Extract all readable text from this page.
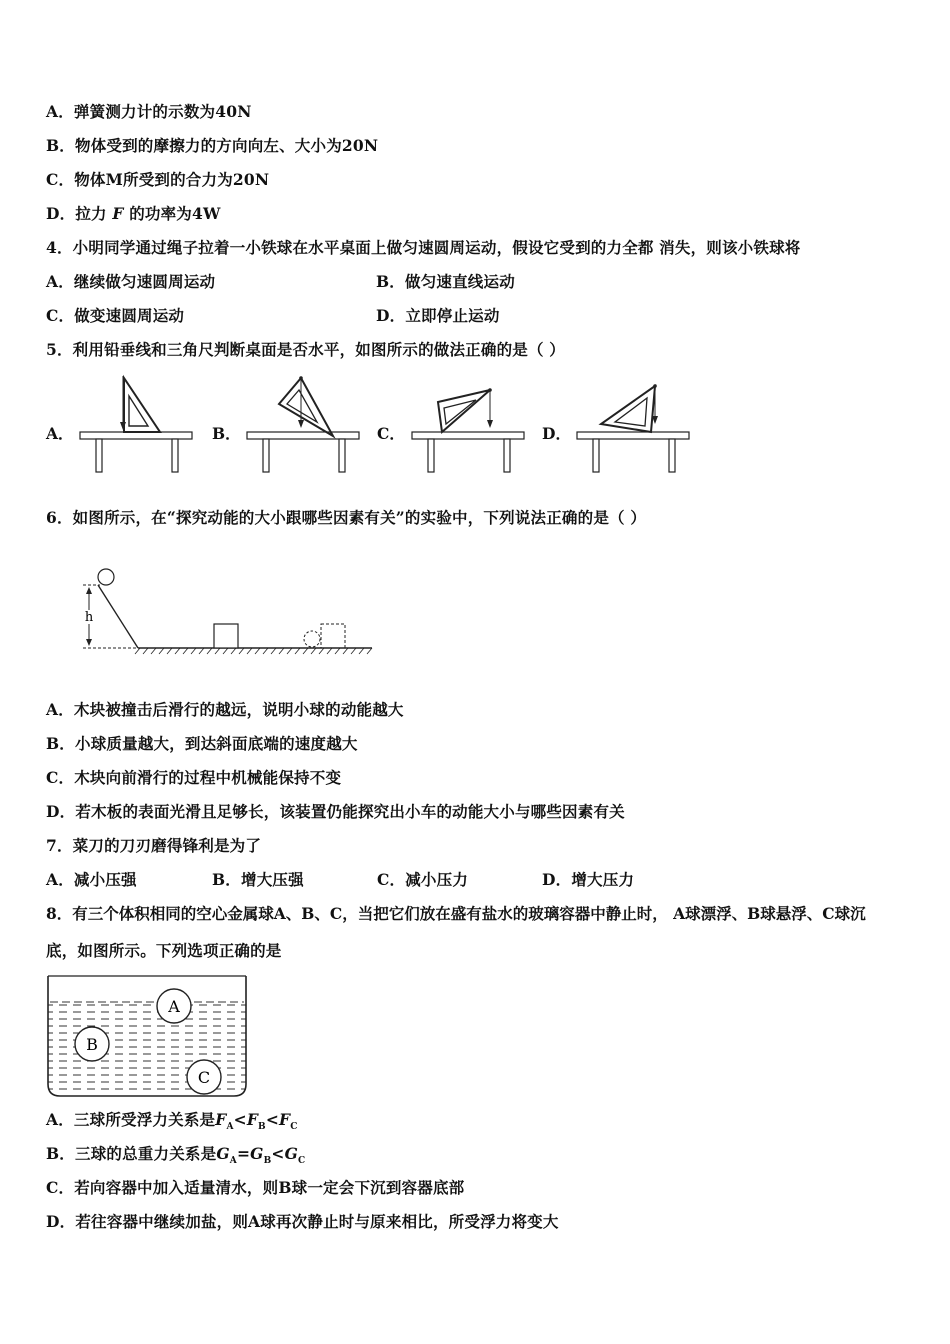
A．弹簧测力计的示数为40N
B．物体受到的摩擦力的方向向左、大小为20N
C．物体M所受到的合力为20N
D．拉力 F 的功率为4W
4．小明同学通过绳子拉着一小铁球在水平桌面上做匀速圆周运动，假设它受到的力全都 消失，则该小铁球将
A．继续做匀速圆周运动	B．做匀速直线运动
C．做变速圆周运动	D．立即停止运动
5．利用铅垂线和三角尺判断桌面是否水平，如图所示的做法正确的是（ ）
A．	B．	C．	D．
6．如图所示，在“探究动能的大小跟哪些因素有关”的实验中，下列说法正确的是（ ）
h
A．木块被撞击后滑行的越远，说明小球的动能越大
B．小球质量越大，到达斜面底端的速度越大
C．木块向前滑行的过程中机械能保持不变
D．若木板的表面光滑且足够长，该装置仍能探究出小车的动能大小与哪些因素有关
7．菜刀的刀刃磨得锋利是为了
A．减小压强	B．增大压强	C．减小压力	D．增大压力
8．有三个体积相同的空心金属球A、B、C，当把它们放在盛有盐水的玻璃容器中静止时， A球漂浮、B球悬浮、C球沉
底，如图所示。下列选项正确的是
A
B
C
A．三球所受浮力关系是$F_A<F_B<F_C$
B．三球的总重力关系是$G_A=G_B<G_C$
C．若向容器中加入适量清水，则B球一定会下沉到容器底部
D．若往容器中继续加盐，则A球再次静止时与原来相比，所受浮力将变大
